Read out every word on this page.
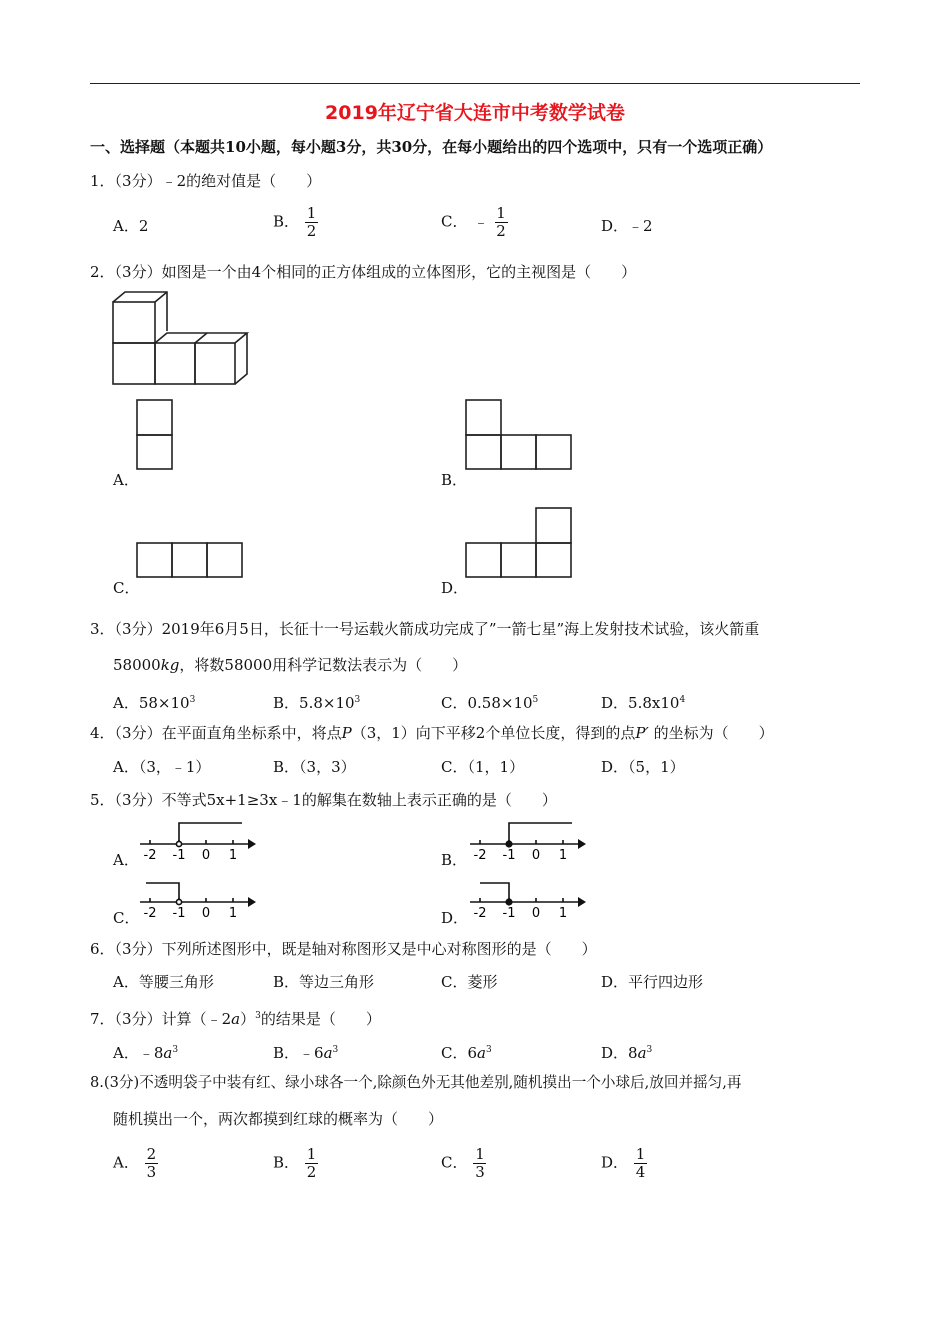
2019年辽宁省大连市中考数学试卷
一、选择题（本题共10小题，每小题3分，共30分，在每小题给出的四个选项中，只有一个选项正确）
1．（3分）﹣2的绝对值是（　　）
A．2	B． $\frac{1}{2}$	C． ﹣ $\frac{1}{2}$	D．﹣2
2．（3分）如图是一个由4个相同的正方体组成的立体图形，它的主视图是（　　）
A．	B．
C．	D．
3．（3分）2019年6月5日，长征十一号运载火箭成功完成了”一箭七星”海上发射技术试验，该火箭重
58000kg，将数58000用科学记数法表示为（　　）
A．$58\times 10^3$	B．$5.8\times 10^3$	C．$0.58\times 10^5$	D．$5.8x10^4$
4．（3分）在平面直角坐标系中，将点P（3，1）向下平移2个单位长度，得到的点P′ 的坐标为（　　）
A．（3，﹣1）	B．（3，3）	C．（1，1）	D．（5，1）
5．（3分）不等式5x+1≥3x﹣1的解集在数轴上表示正确的是（　　）
-2 -1 0 1
A．	-2 -1 0 1
B．
-2 -1 0 1
C．	-2 -1 0 1
D．
6．（3分）下列所述图形中，既是轴对称图形又是中心对称图形的是（　　）
A．等腰三角形	B．等边三角形	C．菱形	D．平行四边形
7．（3分）计算（﹣2a）$^3$的结果是（　　）
A．$﹣8a^3$	B．$﹣6a^3$	C．$6a^3$	D．$8a^3$
8.(3分)不透明袋子中装有红、绿小球各一个,除颜色外无其他差别,随机摸出一个小球后,放回并摇匀,再
随机摸出一个，两次都摸到红球的概率为（　　）
A． $\frac{2}{3}$	B． $\frac{1}{2}$	C． $\frac{1}{3}$	D． $\frac{1}{4}$
